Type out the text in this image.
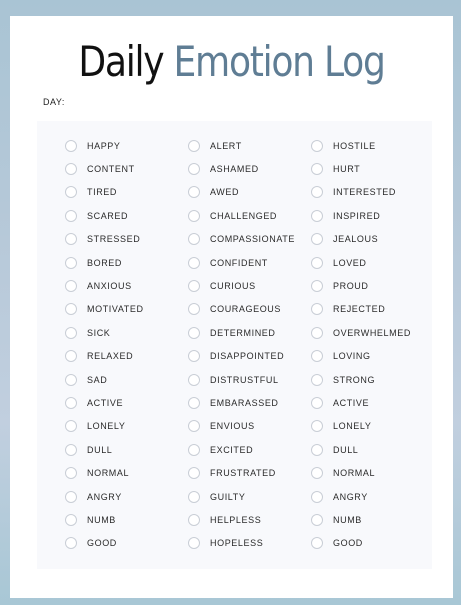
Daily Emotion Log
DAY:
HAPPY
CONTENT
TIRED
SCARED
STRESSED
BORED
ANXIOUS
MOTIVATED
SICK
RELAXED
SAD
ACTIVE
LONELY
DULL
NORMAL
ANGRY
NUMB
GOOD
ALERT
ASHAMED
AWED
CHALLENGED
COMPASSIONATE
CONFIDENT
CURIOUS
COURAGEOUS
DETERMINED
DISAPPOINTED
DISTRUSTFUL
EMBARASSED
ENVIOUS
EXCITED
FRUSTRATED
GUILTY
HELPLESS
HOPELESS
HOSTILE
HURT
INTERESTED
INSPIRED
JEALOUS
LOVED
PROUD
REJECTED
OVERWHELMED
LOVING
STRONG
ACTIVE
LONELY
DULL
NORMAL
ANGRY
NUMB
GOOD
